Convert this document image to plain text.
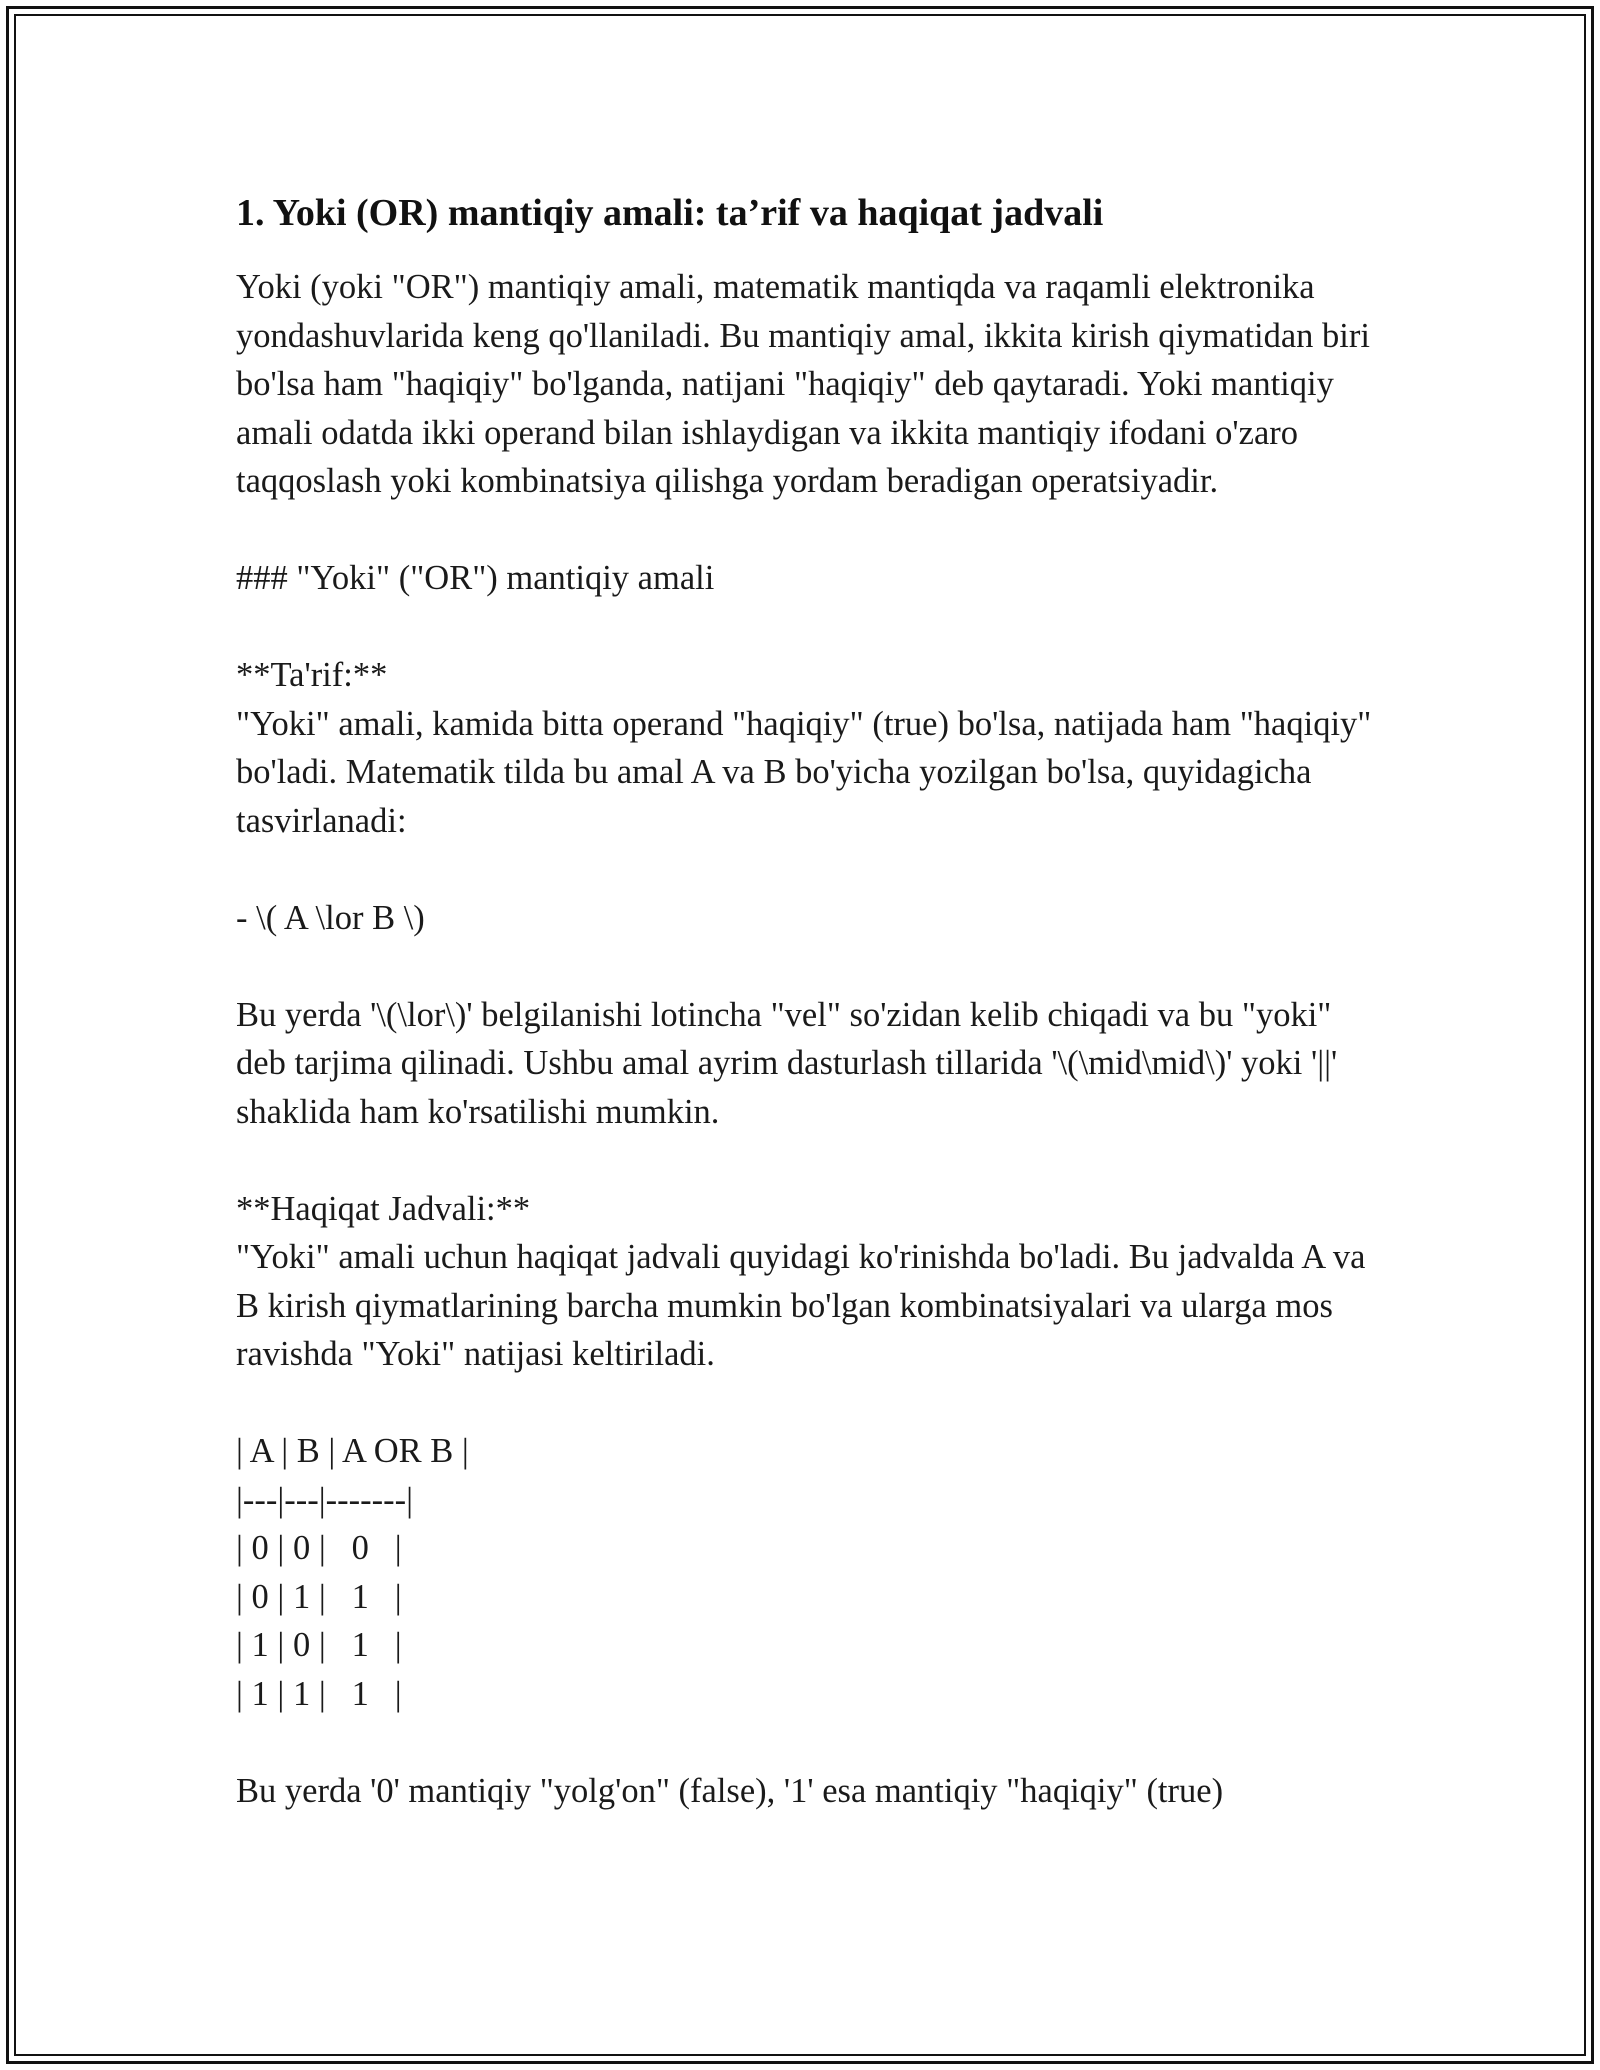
1. Yoki (OR) mantiqiy amali: ta’rif va haqiqat jadvali

Yoki (yoki "OR") mantiqiy amali, matematik mantiqda va raqamli elektronika yondashuvlarida keng qo'llaniladi. Bu mantiqiy amal, ikkita kirish qiymatidan biri bo'lsa ham "haqiqiy" bo'lganda, natijani "haqiqiy" deb qaytaradi. Yoki mantiqiy amali odatda ikki operand bilan ishlaydigan va ikkita mantiqiy ifodani o'zaro taqqoslash yoki kombinatsiya qilishga yordam beradigan operatsiyadir.

### "Yoki" ("OR") mantiqiy amali

**Ta'rif:**

"Yoki" amali, kamida bitta operand "haqiqiy" (true) bo'lsa, natijada ham "haqiqiy" bo'ladi. Matematik tilda bu amal A va B bo'yicha yozilgan bo'lsa, quyidagicha tasvirlanadi:

- \( A \lor B \)

Bu yerda '\(\lor\)' belgilanishi lotincha "vel" so'zidan kelib chiqadi va bu "yoki" deb tarjima qilinadi. Ushbu amal ayrim dasturlash tillarida '\(\mid\mid\)' yoki '||' shaklida ham ko'rsatilishi mumkin.

**Haqiqat Jadvali:**

"Yoki" amali uchun haqiqat jadvali quyidagi ko'rinishda bo'ladi. Bu jadvalda A va B kirish qiymatlarining barcha mumkin bo'lgan kombinatsiyalari va ularga mos ravishda "Yoki" natijasi keltiriladi.

| A | B | A OR B |

|---|---|-------|

| 0 | 0 |   0   |

| 0 | 1 |   1   |

| 1 | 0 |   1   |

| 1 | 1 |   1   |

Bu yerda '0' mantiqiy "yolg'on" (false), '1' esa mantiqiy "haqiqiy" (true)
